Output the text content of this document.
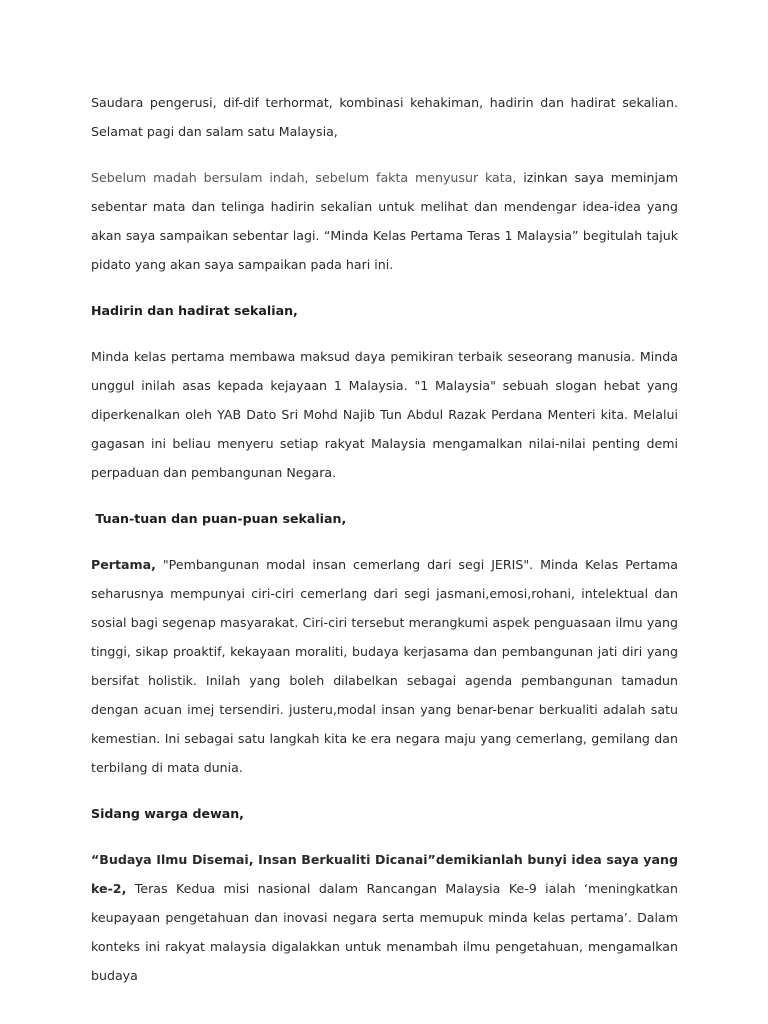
Saudara pengerusi, dif-dif terhormat, kombinasi kehakiman, hadirin dan hadirat sekalian. Selamat pagi dan salam satu Malaysia,

Sebelum madah bersulam indah, sebelum fakta menyusur kata, izinkan saya meminjam sebentar mata dan telinga hadirin sekalian untuk melihat dan mendengar idea-idea yang akan saya sampaikan sebentar lagi. “Minda Kelas Pertama Teras 1 Malaysia” begitulah tajuk pidato yang akan saya sampaikan pada hari ini.

Hadirin dan hadirat sekalian,

Minda kelas pertama membawa maksud daya pemikiran terbaik seseorang manusia. Minda unggul inilah asas kepada kejayaan 1 Malaysia. "1 Malaysia" sebuah slogan hebat yang diperkenalkan oleh YAB Dato Sri Mohd Najib Tun Abdul Razak Perdana Menteri kita. Melalui gagasan ini beliau menyeru setiap rakyat Malaysia mengamalkan nilai-nilai penting demi perpaduan dan pembangunan Negara.

Tuan-tuan dan puan-puan sekalian,

Pertama, "Pembangunan modal insan cemerlang dari segi JERIS". Minda Kelas Pertama seharusnya mempunyai ciri-ciri cemerlang dari segi jasmani,emosi,rohani, intelektual dan sosial bagi segenap masyarakat. Ciri-ciri tersebut merangkumi aspek penguasaan ilmu yang tinggi, sikap proaktif, kekayaan moraliti, budaya kerjasama dan pembangunan jati diri yang bersifat holistik. Inilah yang boleh dilabelkan sebagai agenda pembangunan tamadun dengan acuan imej tersendiri. justeru,modal insan yang benar-benar berkualiti adalah satu kemestian. Ini sebagai satu langkah kita ke era negara maju yang cemerlang, gemilang dan terbilang di mata dunia.

Sidang warga dewan,

“Budaya Ilmu Disemai, Insan Berkualiti Dicanai”demikianlah bunyi idea saya yang ke-2, Teras Kedua misi nasional dalam Rancangan Malaysia Ke-9 ialah ‘meningkatkan keupayaan pengetahuan dan inovasi negara serta memupuk minda kelas pertama’. Dalam konteks ini rakyat malaysia digalakkan untuk menambah ilmu pengetahuan, mengamalkan budaya
